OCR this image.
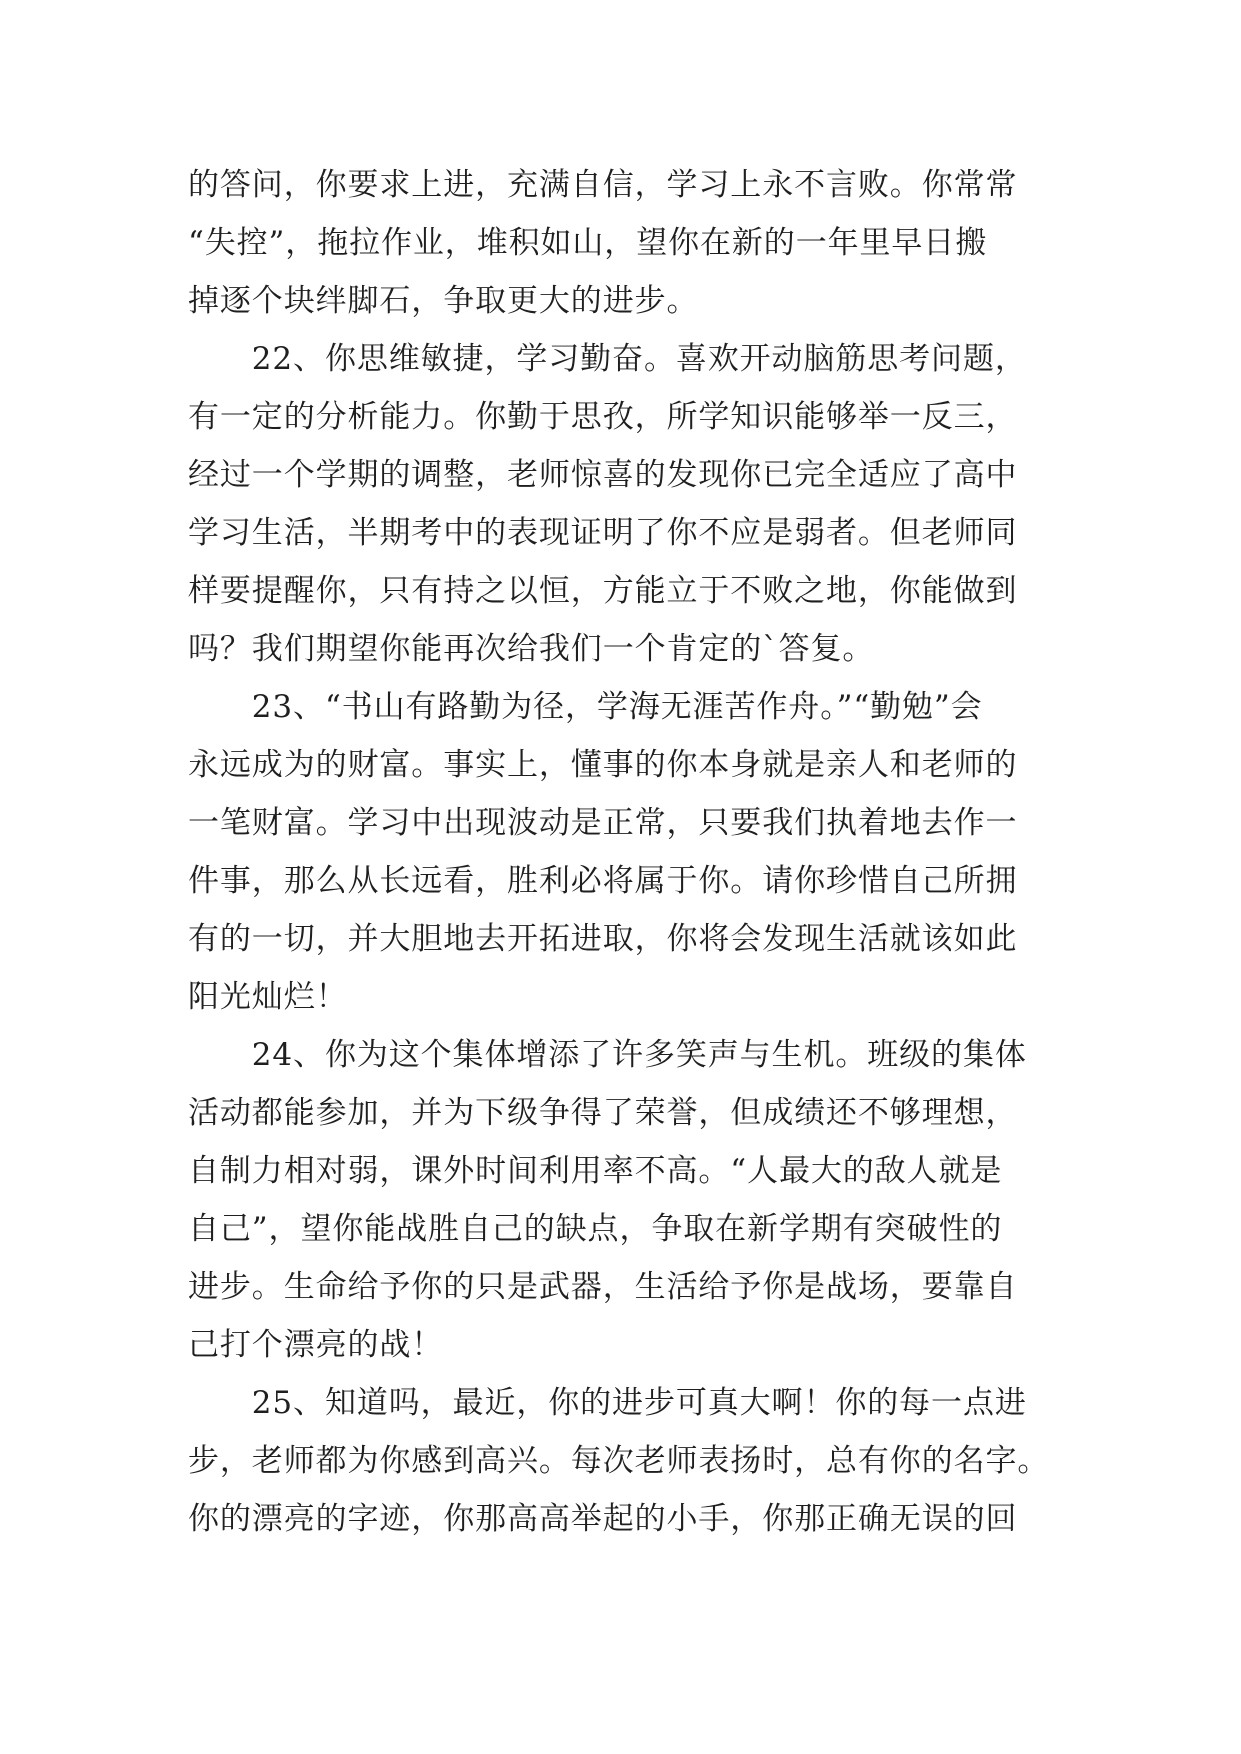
的答问，你要求上进，充满自信，学习上永不言败。你常常
“失控”，拖拉作业，堆积如山，望你在新的一年里早日搬
掉逐个块绊脚石，争取更大的进步。

　　22、你思维敏捷，学习勤奋。喜欢开动脑筋思考问题，
有一定的分析能力。你勤于思孜，所学知识能够举一反三，
经过一个学期的调整，老师惊喜的发现你已完全适应了高中
学习生活，半期考中的表现证明了你不应是弱者。但老师同
样要提醒你，只有持之以恒，方能立于不败之地，你能做到
吗？我们期望你能再次给我们一个肯定的`答复。

　　23、“书山有路勤为径，学海无涯苦作舟。”“勤勉”会
永远成为的财富。事实上，懂事的你本身就是亲人和老师的
一笔财富。学习中出现波动是正常，只要我们执着地去作一
件事，那么从长远看，胜利必将属于你。请你珍惜自己所拥
有的一切，并大胆地去开拓进取，你将会发现生活就该如此
阳光灿烂！

　　24、你为这个集体增添了许多笑声与生机。班级的集体
活动都能参加，并为下级争得了荣誉，但成绩还不够理想，
自制力相对弱，课外时间利用率不高。“人最大的敌人就是
自己”，望你能战胜自己的缺点，争取在新学期有突破性的
进步。生命给予你的只是武器，生活给予你是战场，要靠自
己打个漂亮的战！

　　25、知道吗，最近，你的进步可真大啊！你的每一点进
步，老师都为你感到高兴。每次老师表扬时，总有你的名字。
你的漂亮的字迹，你那高高举起的小手，你那正确无误的回
